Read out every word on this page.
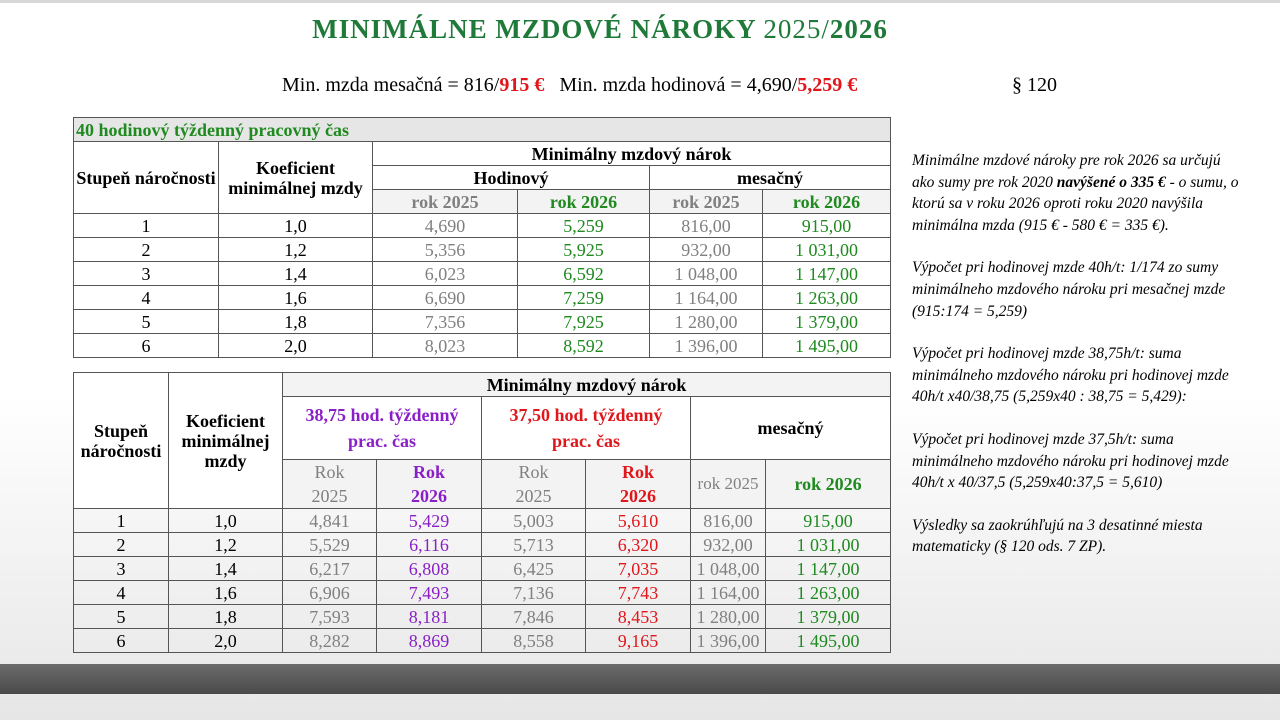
MINIMÁLNE MZDOVÉ NÁROKY 2025/2026
Min. mzda mesačná = 816/915 € Min. mzda hodinová = 4,690/5,259 €	§ 120
41
40 hodinový týždenný pracovný čas					
Stupeň náročnosti	Koeficient minimálnej mzdy	Minimálny mzdový nárok			
		Hodinový		mesačný	
		rok 2025	rok 2026	rok 2025	rok 2026
1	1,0	4,690	5,259	816,00	915,00
2	1,2	5,356	5,925	932,00	1 031,00
3	1,4	6,023	6,592	1 048,00	1 147,00
4	1,6	6,690	7,259	1 164,00	1 263,00
5	1,8	7,356	7,925	1 280,00	1 379,00
6	2,0	8,023	8,592	1 396,00	1 495,00
Stupeň náročnosti	Koeficient minimálnej mzdy	Minimálny mzdový nárok					
		38,75 hod. týždenný prac. čas		37,50 hod. týždenný prac. čas		mesačný	
		Rok 2025	Rok 2026	Rok 2025	Rok 2026	rok 2025	rok 2026
1	1,0	4,841	5,429	5,003	5,610	816,00	915,00
2	1,2	5,529	6,116	5,713	6,320	932,00	1 031,00
3	1,4	6,217	6,808	6,425	7,035	1 048,00	1 147,00
4	1,6	6,906	7,493	7,136	7,743	1 164,00	1 263,00
5	1,8	7,593	8,181	7,846	8,453	1 280,00	1 379,00
6	2,0	8,282	8,869	8,558	9,165	1 396,00	1 495,00

Minimálne mzdové nároky pre rok 2026 sa určujú ako sumy pre rok 2020 navýšené o 335 € - o sumu, o ktorú sa v roku 2026 oproti roku 2020 navýšila minimálna mzda (915 € - 580 € = 335 €).

Výpočet pri hodinovej mzde 40h/t: 1/174 zo sumy minimálneho mzdového nároku pri mesačnej mzde (915:174 = 5,259)

Výpočet pri hodinovej mzde 38,75h/t: suma minimálneho mzdového nároku pri hodinovej mzde 40h/t x40/38,75 (5,259x40 : 38,75 = 5,429):

Výpočet pri hodinovej mzde 37,5h/t: suma minimálneho mzdového nároku pri hodinovej mzde 40h/t x 40/37,5 (5,259x40:37,5 = 5,610)

Výsledky sa zaokrúhľujú na 3 desatinné miesta matematicky (§ 120 ods. 7 ZP).
